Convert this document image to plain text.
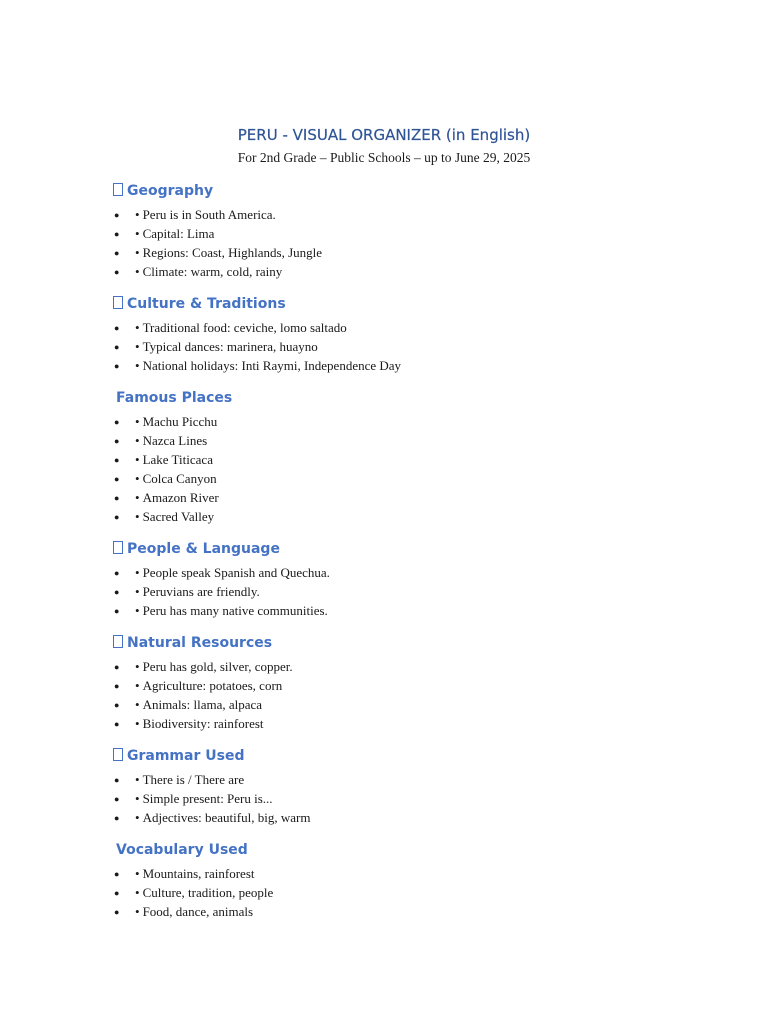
PERU - VISUAL ORGANIZER (in English)

For 2nd Grade – Public Schools – up to June 29, 2025

Geography
● • Peru is in South America.
● • Capital: Lima
● • Regions: Coast, Highlands, Jungle
● • Climate: warm, cold, rainy
Culture & Traditions
● • Traditional food: ceviche, lomo saltado
● • Typical dances: marinera, huayno
● • National holidays: Inti Raymi, Independence Day
Famous Places
● • Machu Picchu
● • Nazca Lines
● • Lake Titicaca
● • Colca Canyon
● • Amazon River
● • Sacred Valley
People & Language
● • People speak Spanish and Quechua.
● • Peruvians are friendly.
● • Peru has many native communities.
Natural Resources
● • Peru has gold, silver, copper.
● • Agriculture: potatoes, corn
● • Animals: llama, alpaca
● • Biodiversity: rainforest
Grammar Used
● • There is / There are
● • Simple present: Peru is...
● • Adjectives: beautiful, big, warm
Vocabulary Used
● • Mountains, rainforest
● • Culture, tradition, people
● • Food, dance, animals
